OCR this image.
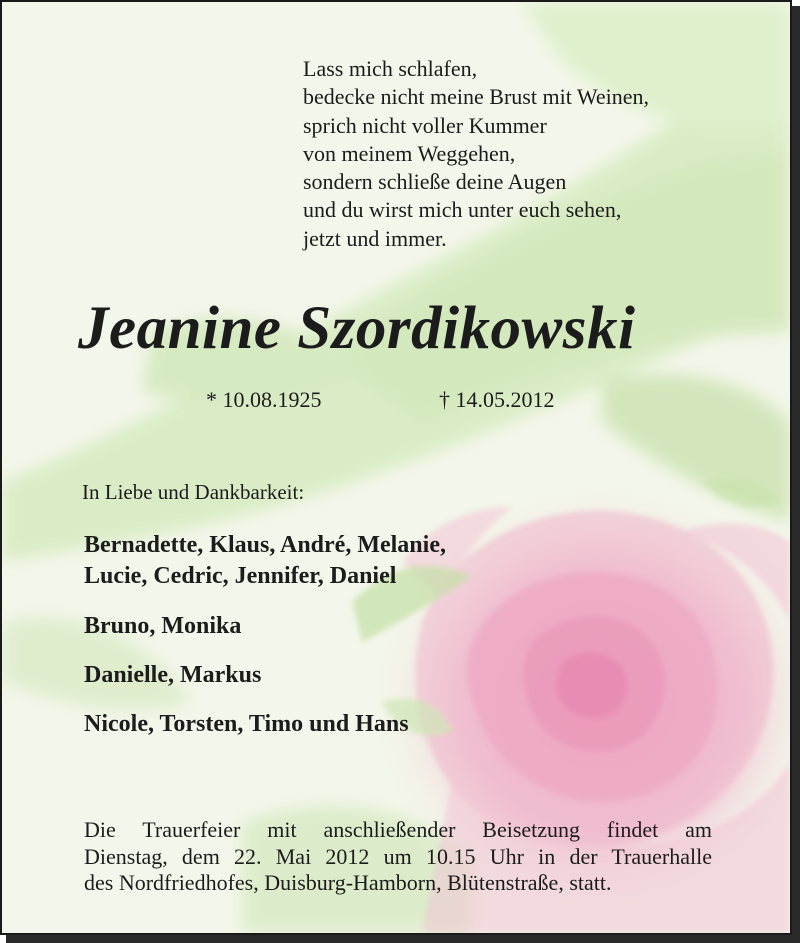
Lass mich schlafen,
bedecke nicht meine Brust mit Weinen,
sprich nicht voller Kummer
von meinem Weggehen,
sondern schließe deine Augen
und du wirst mich unter euch sehen,
jetzt und immer.
Jeanine Szordikowski
* 10.08.1925	† 14.05.2012
In Liebe und Dankbarkeit:
Bernadette, Klaus, André, Melanie,
Lucie, Cedric, Jennifer, Daniel
Bruno, Monika
Danielle, Markus
Nicole, Torsten, Timo und Hans
Die Trauerfeier mit anschließender Beisetzung findet am
Dienstag, dem 22. Mai 2012 um 10.15 Uhr in der Trauerhalle
des Nordfriedhofes, Duisburg-Hamborn, Blütenstraße, statt.
